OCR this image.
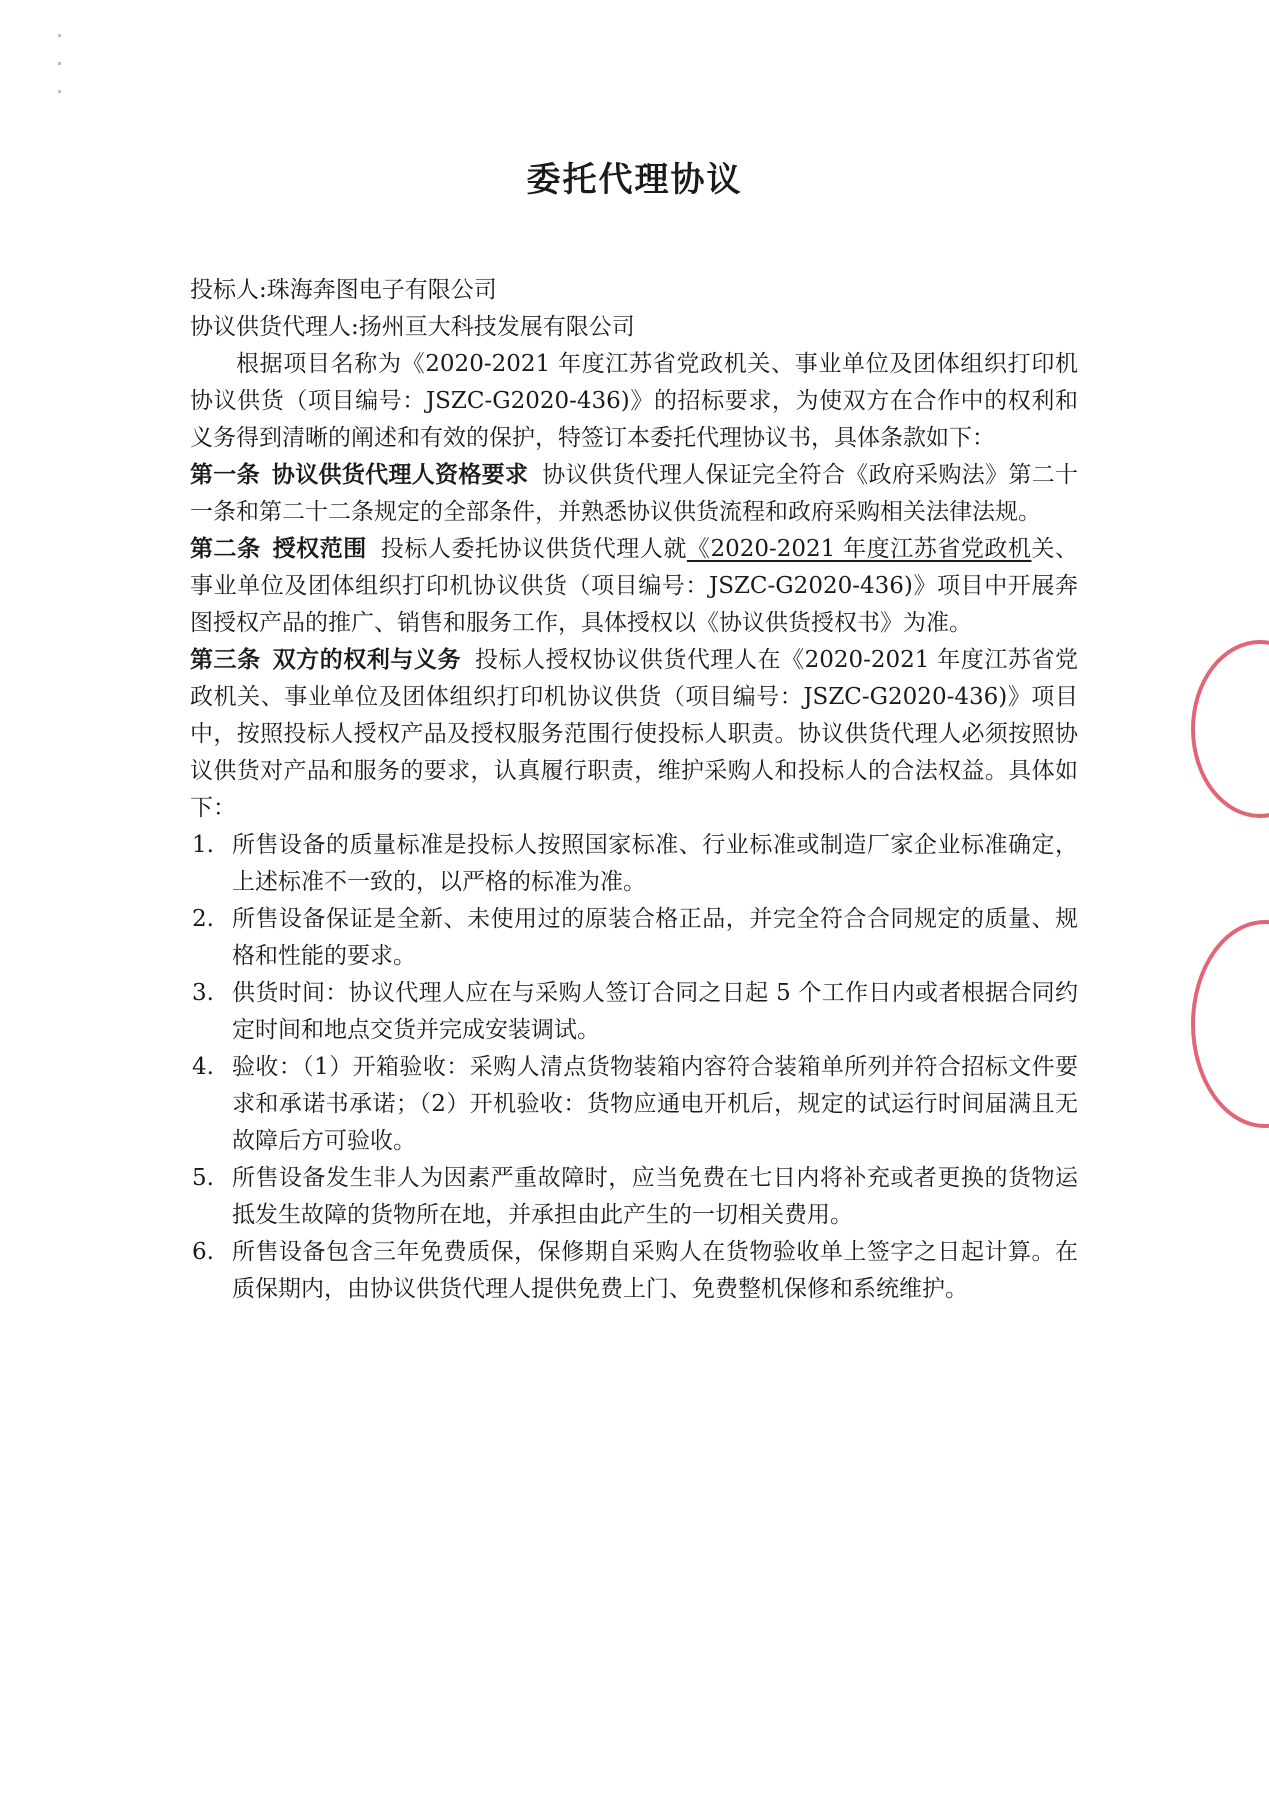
委托代理协议

投标人:珠海奔图电子有限公司

协议供货代理人:扬州亘大科技发展有限公司

根据项目名称为《2020-2021 年度江苏省党政机关、事业单位及团体组织打印机协议供货（项目编号：JSZC-G2020-436)》的招标要求，为使双方在合作中的权利和义务得到清晰的阐述和有效的保护，特签订本委托代理协议书，具体条款如下：

第一条 协议供货代理人资格要求 协议供货代理人保证完全符合《政府采购法》第二十一条和第二十二条规定的全部条件，并熟悉协议供货流程和政府采购相关法律法规。

第二条 授权范围 投标人委托协议供货代理人就《2020-2021 年度江苏省党政机关、事业单位及团体组织打印机协议供货（项目编号：JSZC-G2020-436)》项目中开展奔图授权产品的推广、销售和服务工作，具体授权以《协议供货授权书》为准。

第三条 双方的权利与义务 投标人授权协议供货代理人在《2020-2021 年度江苏省党政机关、事业单位及团体组织打印机协议供货（项目编号：JSZC-G2020-436)》项目中，按照投标人授权产品及授权服务范围行使投标人职责。协议供货代理人必须按照协议供货对产品和服务的要求，认真履行职责，维护采购人和投标人的合法权益。具体如下：

1. 所售设备的质量标准是投标人按照国家标准、行业标准或制造厂家企业标准确定，上述标准不一致的，以严格的标准为准。
2. 所售设备保证是全新、未使用过的原装合格正品，并完全符合合同规定的质量、规格和性能的要求。
3. 供货时间：协议代理人应在与采购人签订合同之日起 5 个工作日内或者根据合同约定时间和地点交货并完成安装调试。
4. 验收：（1）开箱验收：采购人清点货物装箱内容符合装箱单所列并符合招标文件要求和承诺书承诺；（2）开机验收：货物应通电开机后，规定的试运行时间届满且无故障后方可验收。
5. 所售设备发生非人为因素严重故障时，应当免费在七日内将补充或者更换的货物运抵发生故障的货物所在地，并承担由此产生的一切相关费用。
6. 所售设备包含三年免费质保，保修期自采购人在货物验收单上签字之日起计算。在质保期内，由协议供货代理人提供免费上门、免费整机保修和系统维护。
